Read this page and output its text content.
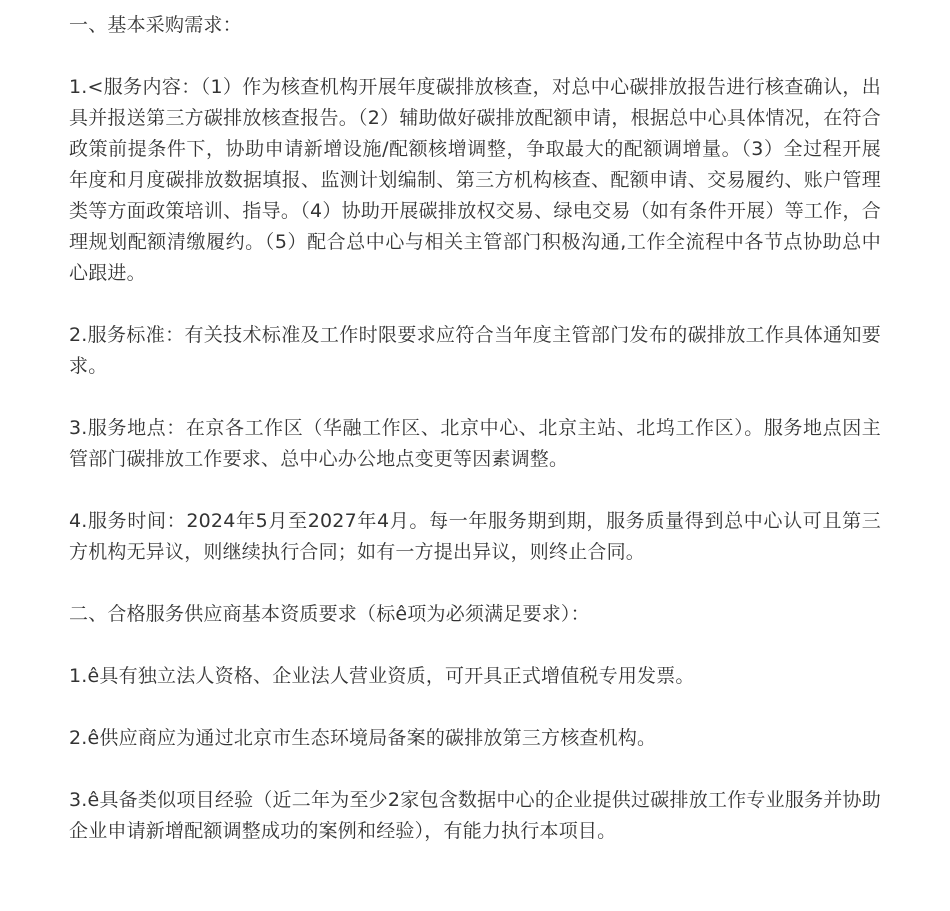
一、基本采购需求：
1.<服务内容：（1）作为核查机构开展年度碳排放核查，对总中心碳排放报告进行核查确认，出具并报送第三方碳排放核查报告。（2）辅助做好碳排放配额申请，根据总中心具体情况，在符合政策前提条件下，协助申请新增设施/配额核增调整，争取最大的配额调增量。（3）全过程开展年度和月度碳排放数据填报、监测计划编制、第三方机构核查、配额申请、交易履约、账户管理类等方面政策培训、指导。（4）协助开展碳排放权交易、绿电交易（如有条件开展）等工作，合理规划配额清缴履约。（5）配合总中心与相关主管部门积极沟通,工作全流程中各节点协助总中心跟进。
2.服务标准：有关技术标准及工作时限要求应符合当年度主管部门发布的碳排放工作具体通知要求。
3.服务地点：在京各工作区（华融工作区、北京中心、北京主站、北坞工作区）。服务地点因主管部门碳排放工作要求、总中心办公地点变更等因素调整。
4.服务时间：2024年5月至2027年4月。每一年服务期到期，服务质量得到总中心认可且第三方机构无异议，则继续执行合同；如有一方提出异议，则终止合同。
二、合格服务供应商基本资质要求（标ê项为必须满足要求）：
1.ê具有独立法人资格、企业法人营业资质，可开具正式增值税专用发票。
2.ê供应商应为通过北京市生态环境局备案的碳排放第三方核查机构。
3.ê具备类似项目经验（近二年为至少2家包含数据中心的企业提供过碳排放工作专业服务并协助企业申请新增配额调整成功的案例和经验），有能力执行本项目。
